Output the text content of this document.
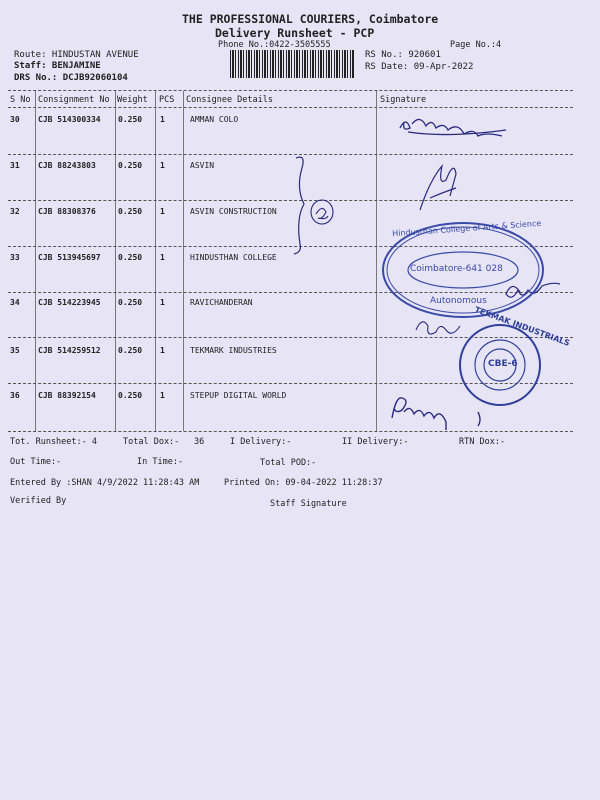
THE PROFESSIONAL COURIERS, Coimbatore
Delivery Runsheet - PCP
Phone No.:0422-3505555	Page No.:4
Route: HINDUSTAN AVENUE
Staff: BENJAMINE
DRS No.: DCJB92060104
RS No.: 920601
RS Date: 09-Apr-2022
S No Consignment No Weight PCS Consignee Details	Signature
30 CJB 514300334 0.250 1	AMMAN COLO
31 CJB 88243803	0.250 1	ASVIN
32 CJB 88308376	0.250 1	ASVIN CONSTRUCTION
33 CJB 513945697 0.250 1	HINDUSTHAN COLLEGE
34 CJB 514223945 0.250 1	RAVICHANDERAN
35 CJB 514259512 0.250 1	TEKMARK INDUSTRIES
36 CJB 88392154	0.250 1	STEPUP DIGITAL WORLD
Tot. Runsheet:- 4	Total Dox:- 36	I Delivery:-	II Delivery:-	RTN Dox:-
Out Time:-	In Time:-	Total POD:-
Entered By :SHAN 4/9/2022 11:28:43 AM	Printed On: 09-04-2022 11:28:37
Verified By	Staff Signature
Hindusthan College of Arts & Science
Coimbatore-641 028
Autonomous
TEKMAK INDUSTRIALS
CBE-6
